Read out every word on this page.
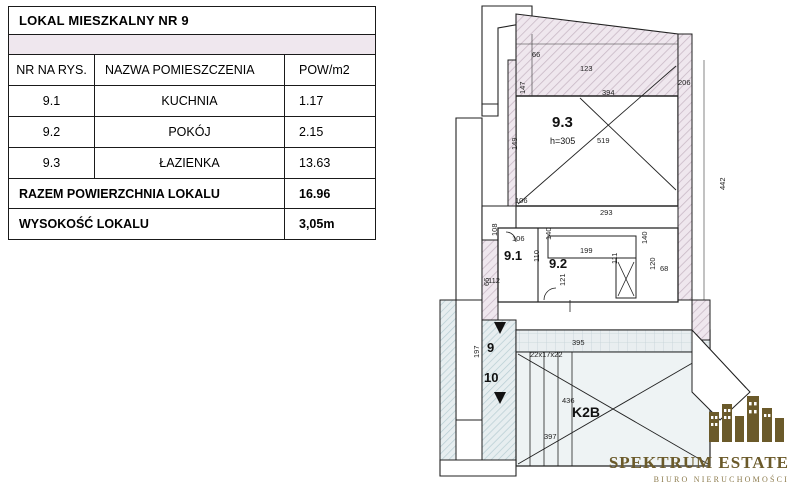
LOKAL MIESZKALNY NR 9
NR NA RYS.	NAZWA POMIESZCZENIA	POW/m2
9.1	KUCHNIA	1.17
9.2	POKÓJ	2.15
9.3	ŁAZIENKA	13.63
RAZEM POWIERZCHNIA LOKALU	16.96
WYSOKOŚĆ LOKALU	3,05m
9.3
h=305
9.1
9.2
K2B
9
10
66
123
206
147	394
519
442
149
106
293
108
106	140
199
140
68
110	111	120
112
66	121
197
395
22x17x22
436
397
SPEKTRUM ESTATE
BIURO NIERUCHOMOŚCI
